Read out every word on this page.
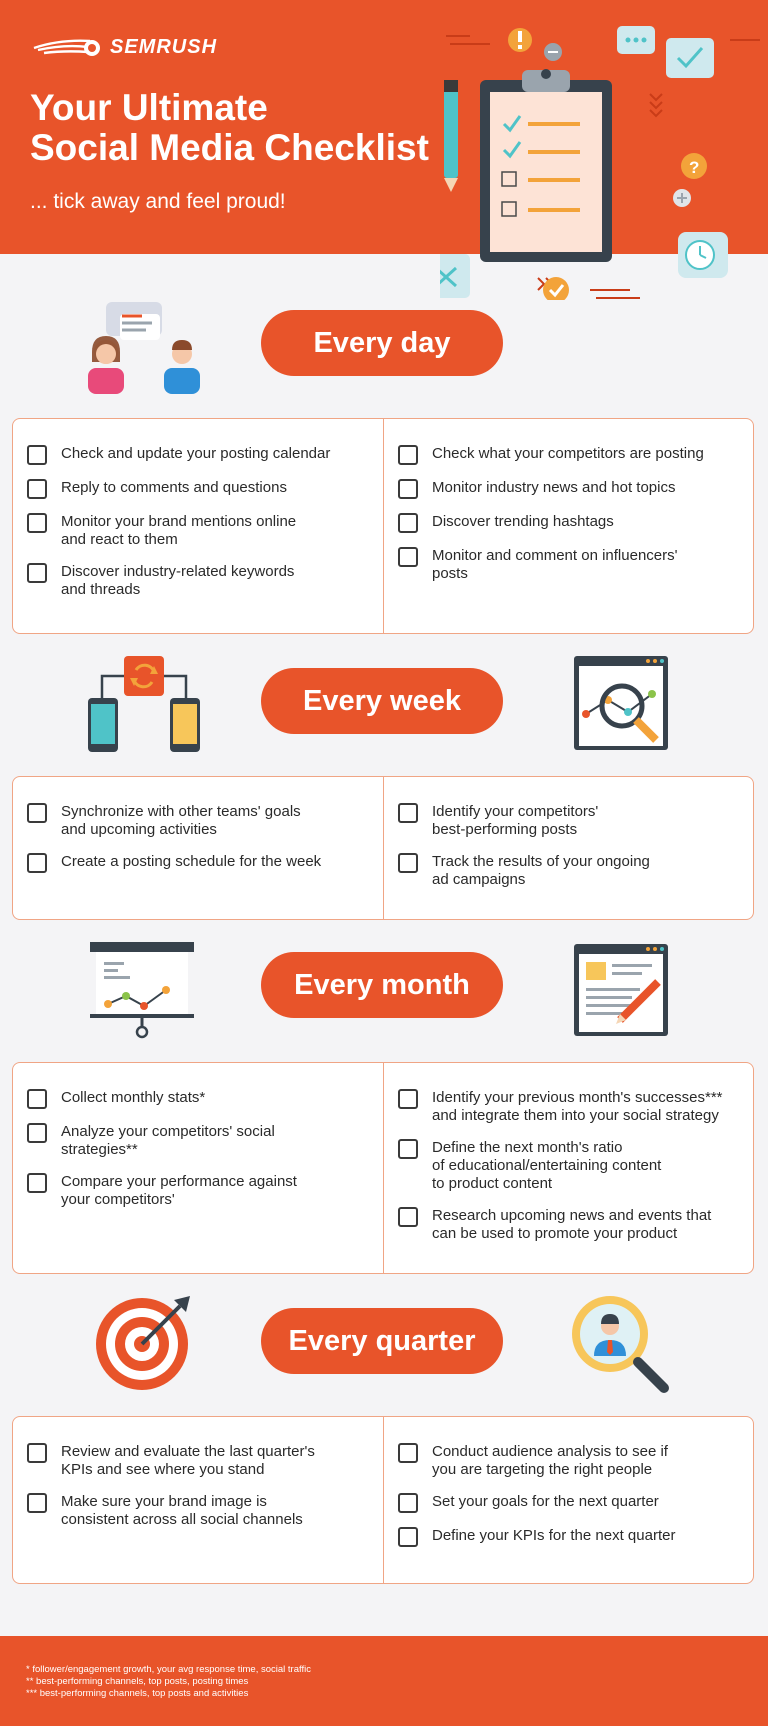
SEMRUSH
Your Ultimate
Social Media Checklist
... tick away and feel proud!
?
Every day
Check and update your posting calendar
Reply to comments and questions
Monitor your brand mentions online
and react to them
Discover industry-related keywords
and threads
Check what your competitors are posting
Monitor industry news and hot topics
Discover trending hashtags
Monitor and comment on influencers'
posts
Every week
Synchronize with other teams' goals
and upcoming activities
Create a posting schedule for the week
Identify your competitors'
best-performing posts
Track the results of your ongoing
ad campaigns
Every month
Collect monthly stats*
Analyze your competitors' social
strategies**
Compare your performance against
your competitors'
Identify your previous month's successes***
and integrate them into your social strategy
Define the next month's ratio
of educational/entertaining content
to product content
Research upcoming news and events that
can be used to promote your product
Every quarter
Review and evaluate the last quarter's
KPIs and see where you stand
Make sure your brand image is
consistent across all social channels
Conduct audience analysis to see if
you are targeting the right people
Set your goals for the next quarter
Define your KPIs for the next quarter
* follower/engagement growth, your avg response time, social traffic
** best-performing channels, top posts, posting times
*** best-performing channels, top posts and activities
